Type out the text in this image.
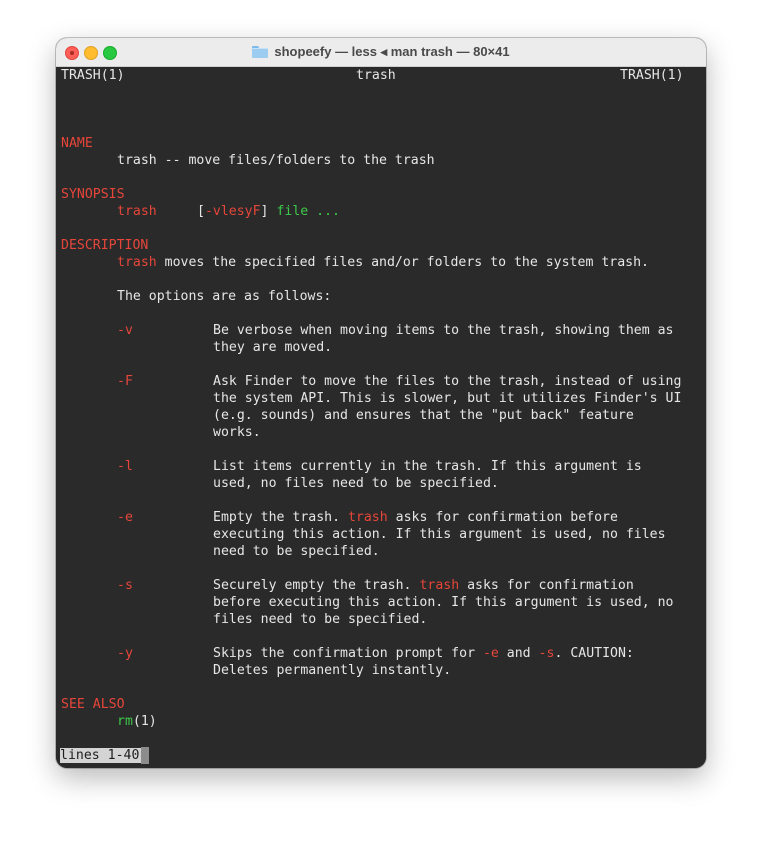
shopeefy — less ◂ man trash — 80×41

TRASH(1)

	trash

	TRASH(1)

NAME

trash -- move files/folders to the trash

SYNOPSIS

trash

	[-vlesyF] file ...

DESCRIPTION

trash moves the specified files and/or folders to the system trash.

The options are as follows:

-v

	Be verbose when moving items to the trash, showing them as

they are moved.

-F

	Ask Finder to move the files to the trash, instead of using

the system API. This is slower, but it utilizes Finder's UI

(e.g. sounds) and ensures that the "put back" feature

works.

-l

	List items currently in the trash. If this argument is

used, no files need to be specified.

-e

	Empty the trash. trash asks for confirmation before

executing this action. If this argument is used, no files

need to be specified.

-s

	Securely empty the trash. trash asks for confirmation

before executing this action. If this argument is used, no

files need to be specified.

-y

	Skips the confirmation prompt for -e and -s. CAUTION:

Deletes permanently instantly.

SEE ALSO

rm(1)

lines 1-40
